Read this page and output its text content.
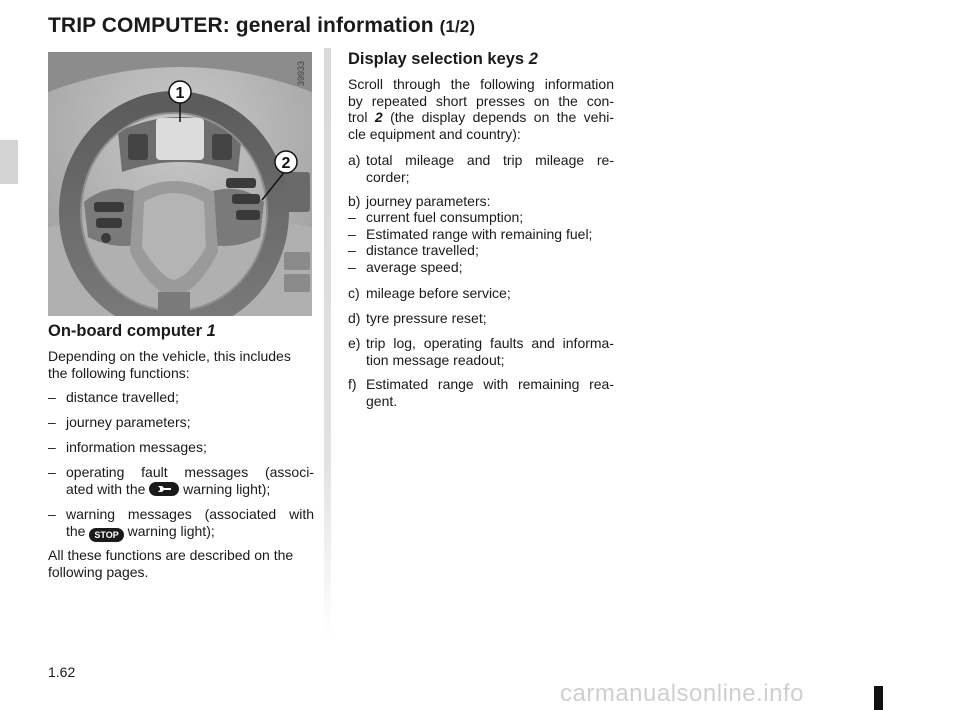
TRIP COMPUTER: general information (1/2)
1
2
39933
On-board computer 1
Depending on the vehicle, this includes
the following functions:
– distance travelled;
– journey parameters;
– information messages;
– operating fault messages (associ-
ated with the	warning light);
– warning messages (associated with
the STOP warning light);
All these functions are described on the
following pages.
Display selection keys 2
Scroll through the following information
by repeated short presses on the con-
trol 2 (the display depends on the vehi-
cle equipment and country):
a) total mileage and trip mileage re-
corder;
b) journey parameters:
– current fuel consumption;
– Estimated range with remaining fuel;
– distance travelled;
– average speed;
c) mileage before service;
d) tyre pressure reset;
e) trip log, operating faults and informa-
tion message readout;
f) Estimated range with remaining rea-
gent.
1.62
carmanualsonline.info
